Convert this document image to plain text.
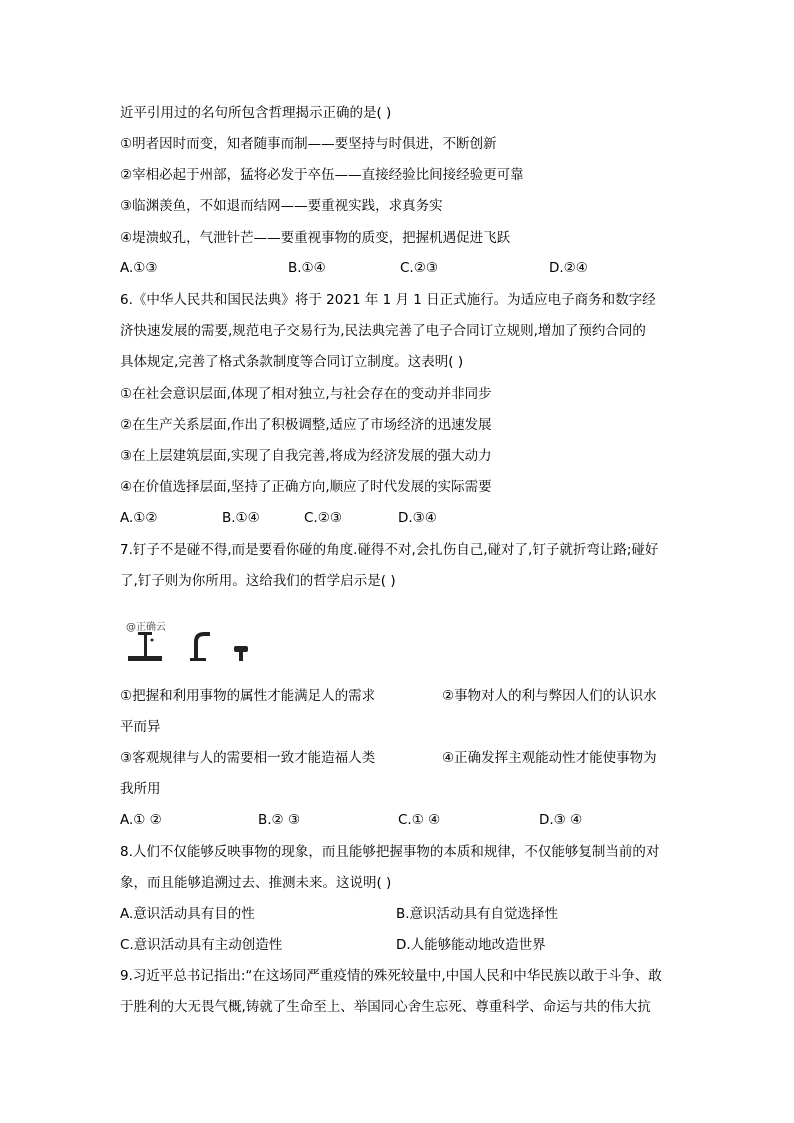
近平引用过的名句所包含哲理揭示正确的是( )
①明者因时而变，知者随事而制——要坚持与时俱进，不断创新
②宰相必起于州部，猛将必发于卒伍——直接经验比间接经验更可靠
③临渊羡鱼，不如退而结网——要重视实践，求真务实
④堤溃蚁孔，气泄针芒——要重视事物的质变，把握机遇促进飞跃
A.①③	B.①④	C.②③	D.②④
6.《中华人民共和国民法典》将于 2021 年 1 月 1 日正式施行。为适应电子商务和数字经
济快速发展的需要,规范电子交易行为,民法典完善了电子合同订立规则,增加了预约合同的
具体规定,完善了格式条款制度等合同订立制度。这表明( )
①在社会意识层面,体现了相对独立,与社会存在的变动并非同步
②在生产关系层面,作出了积极调整,适应了市场经济的迅速发展
③在上层建筑层面,实现了自我完善,将成为经济发展的强大动力
④在价值选择层面,坚持了正确方向,顺应了时代发展的实际需要
A.①②	B.①④	C.②③	D.③④
7.钉子不是碰不得,而是要看你碰的角度.碰得不对,会扎伤自己,碰对了,钉子就折弯让路;碰好
了,钉子则为你所用。这给我们的哲学启示是( )
@正确云
①把握和利用事物的属性才能满足人的需求	②事物对人的利与弊因人们的认识水
平而异
③客观规律与人的需要相一致才能造福人类	④正确发挥主观能动性才能使事物为
我所用
A.① ②	B.② ③	C.① ④	D.③ ④
8.人们不仅能够反映事物的现象，而且能够把握事物的本质和规律，不仅能够复制当前的对
象，而且能够追溯过去、推测未来。这说明( )
A.意识活动具有目的性	B.意识活动具有自觉选择性
C.意识活动具有主动创造性	D.人能够能动地改造世界
9.习近平总书记指出:“在这场同严重疫情的殊死较量中,中国人民和中华民族以敢于斗争、敢
于胜利的大无畏气概,铸就了生命至上、举国同心舍生忘死、尊重科学、命运与共的伟大抗
